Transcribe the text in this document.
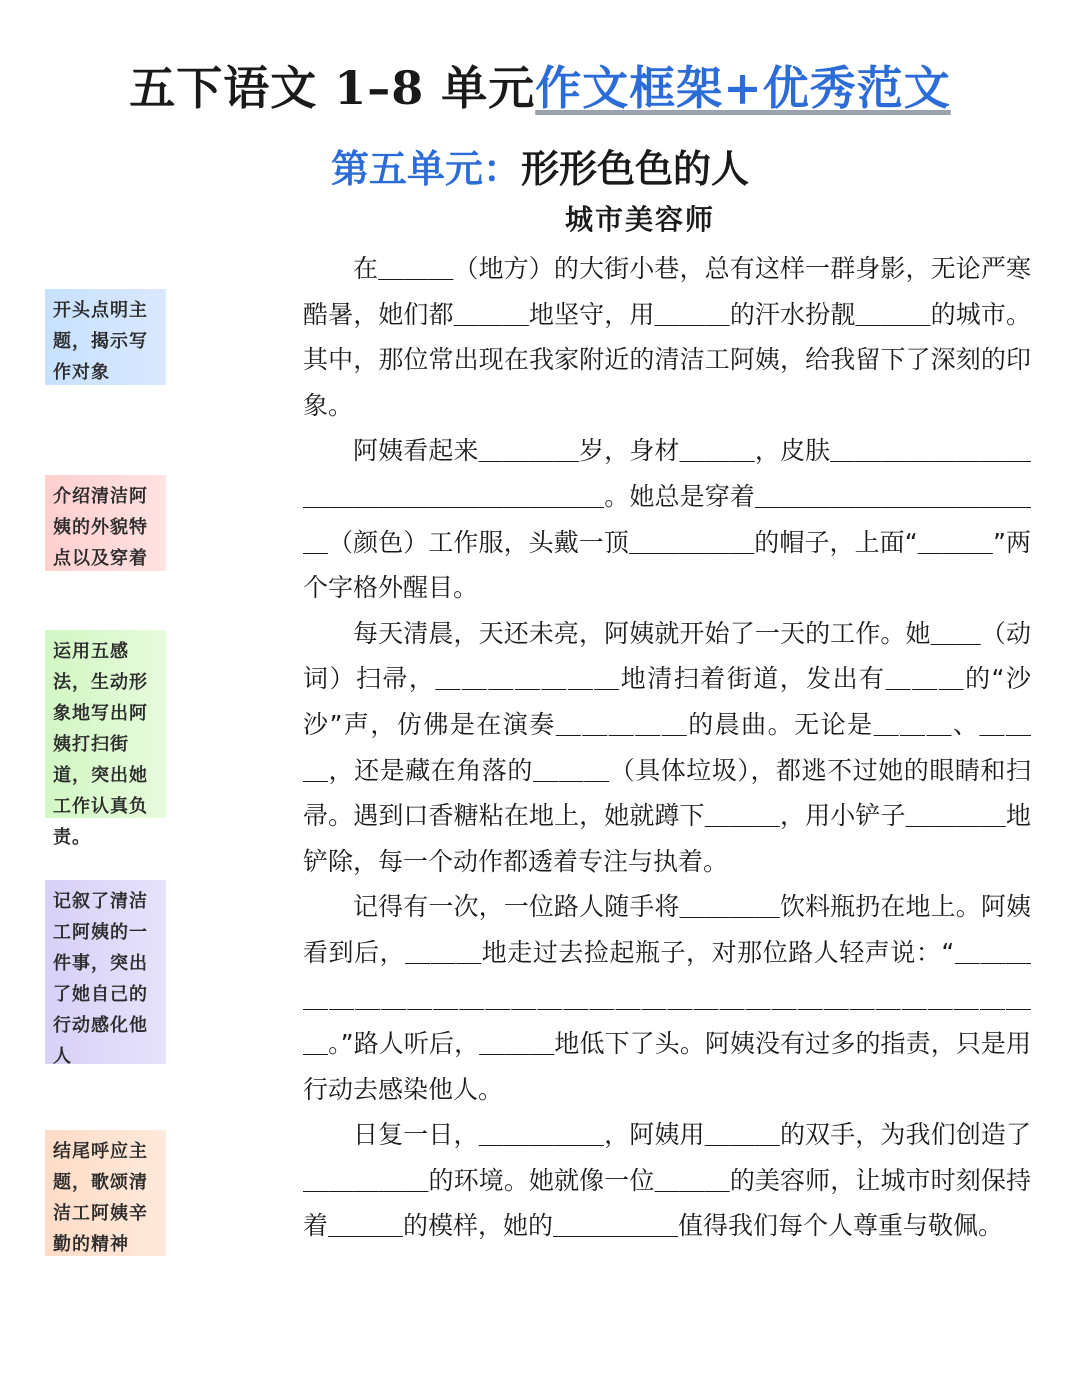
五下语文 1–8 单元作文框架+优秀范文
第五单元：形形色色的人
城市美容师
开头点明主题，揭示写作对象
介绍清洁阿姨的外貌特点以及穿着
运用五感法，生动形象地写出阿姨打扫街道，突出她工作认真负责。
记叙了清洁工阿姨的一件事，突出了她自己的行动感化他人
结尾呼应主题，歌颂清洁工阿姨辛勤的精神

在＿＿＿（地方）的大街小巷，总有这样一群身影，无论严寒酷暑，她们都＿＿＿地坚守，用＿＿＿的汗水扮靓＿＿＿的城市。其中，那位常出现在我家附近的清洁工阿姨，给我留下了深刻的印象。

阿姨看起来＿＿＿＿岁，身材＿＿＿，皮肤＿＿＿＿＿＿＿＿＿＿＿＿＿＿＿＿＿＿＿＿。她总是穿着＿＿＿＿＿＿＿＿＿＿＿＿（颜色）工作服，头戴一顶＿＿＿＿＿的帽子，上面“＿＿＿”两个字格外醒目。

每天清晨，天还未亮，阿姨就开始了一天的工作。她＿＿（动词）扫帚，＿＿＿＿＿＿＿地清扫着街道，发出有＿＿＿的“沙沙”声，仿佛是在演奏＿＿＿＿＿的晨曲。无论是＿＿＿、＿＿＿，还是藏在角落的＿＿＿（具体垃圾），都逃不过她的眼睛和扫帚。遇到口香糖粘在地上，她就蹲下＿＿＿，用小铲子＿＿＿＿地铲除，每一个动作都透着专注与执着。

记得有一次，一位路人随手将＿＿＿＿饮料瓶扔在地上。阿姨看到后，＿＿＿地走过去捡起瓶子，对那位路人轻声说：“＿＿＿＿＿＿＿＿＿＿＿＿＿＿＿＿＿＿＿＿＿＿＿＿＿＿＿＿＿＿＿＿。”路人听后，＿＿＿地低下了头。阿姨没有过多的指责，只是用行动去感染他人。

日复一日，＿＿＿＿＿，阿姨用＿＿＿的双手，为我们创造了＿＿＿＿＿的环境。她就像一位＿＿＿的美容师，让城市时刻保持着＿＿＿的模样，她的＿＿＿＿＿值得我们每个人尊重与敬佩。
